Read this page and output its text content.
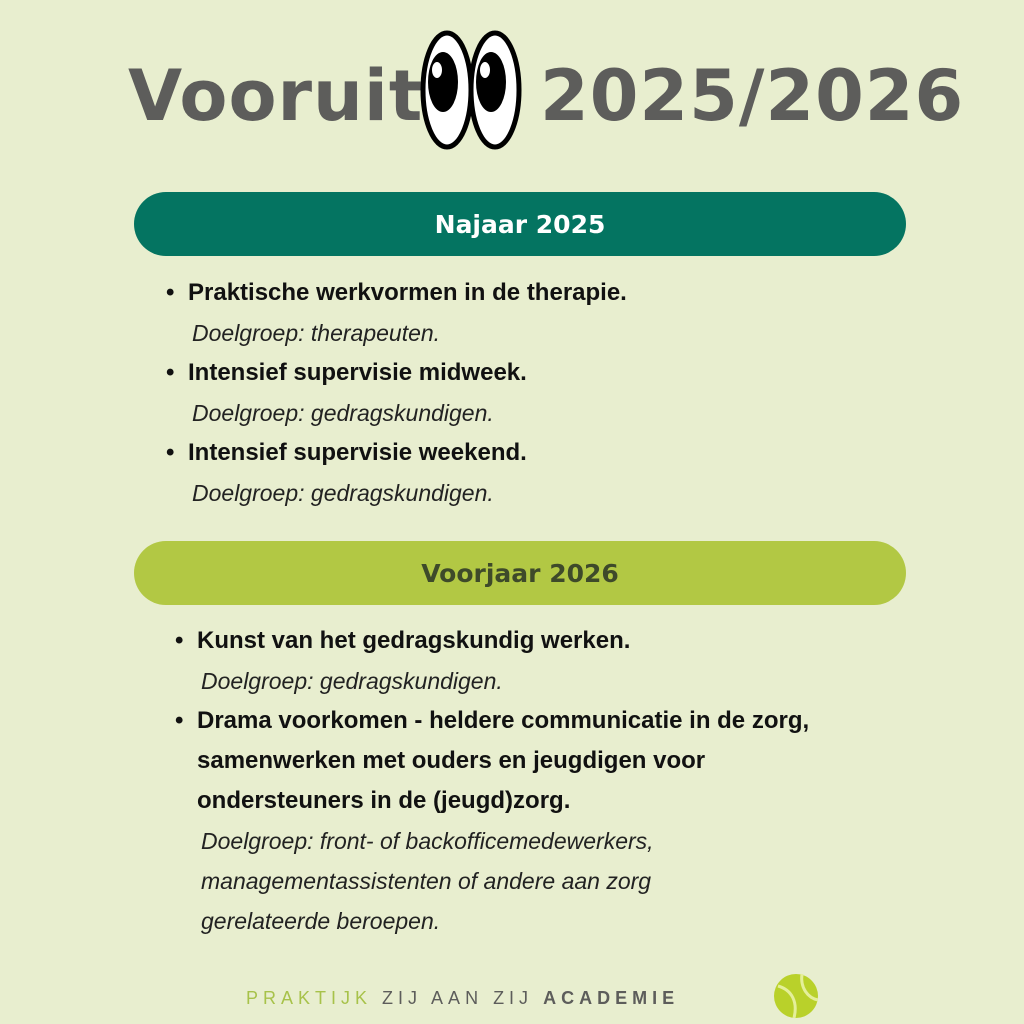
Vooruit 2025/2026
Najaar 2025
• Praktische werkvormen in de therapie.
Doelgroep: therapeuten.
• Intensief supervisie midweek.
Doelgroep: gedragskundigen.
• Intensief supervisie weekend.
Doelgroep: gedragskundigen.
Voorjaar 2026
• Kunst van het gedragskundig werken.
Doelgroep: gedragskundigen.
• Drama voorkomen - heldere communicatie in de zorg,
samenwerken met ouders en jeugdigen voor
ondersteuners in de (jeugd)zorg.
Doelgroep: front- of backofficemedewerkers,
managementassistenten of andere aan zorg
gerelateerde beroepen.
PRAKTIJK ZIJ AAN ZIJ ACADEMIE
